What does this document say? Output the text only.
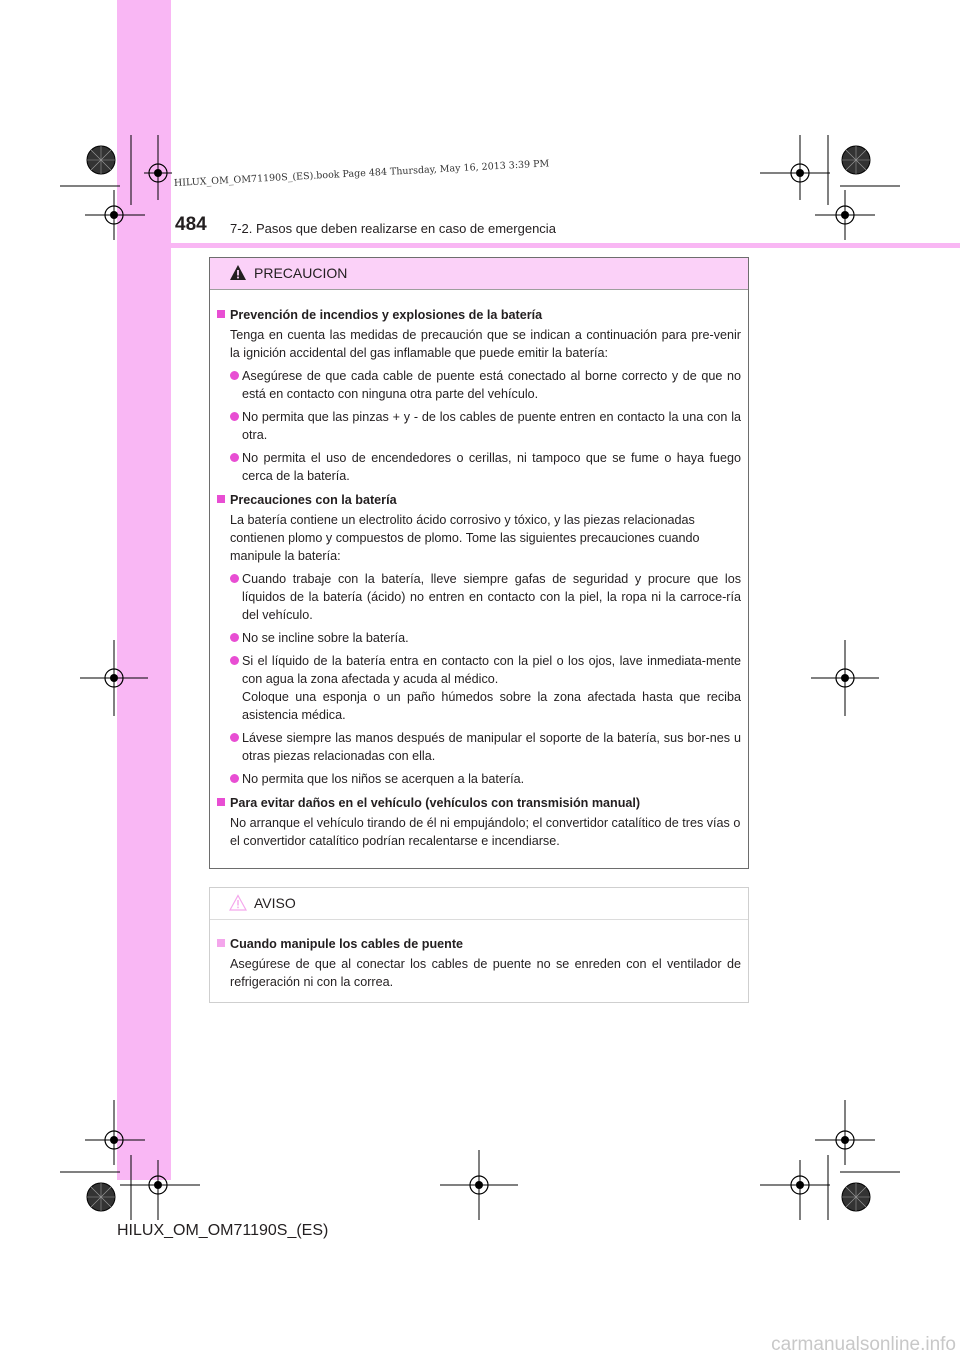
HILUX_OM_OM71190S_(ES).book Page 484 Thursday, May 16, 2013 3:39 PM
484 7-2. Pasos que deben realizarse en caso de emergencia
PRECAUCION
Prevención de incendios y explosiones de la batería
Tenga en cuenta las medidas de precaución que se indican a continuación para pre-venir la ignición accidental del gas inflamable que puede emitir la batería:
Asegúrese de que cada cable de puente está conectado al borne correcto y de que no está en contacto con ninguna otra parte del vehículo.
No permita que las pinzas + y - de los cables de puente entren en contacto la una con la otra.
No permita el uso de encendedores o cerillas, ni tampoco que se fume o haya fuego cerca de la batería.
Precauciones con la batería
La batería contiene un electrolito ácido corrosivo y tóxico, y las piezas relacionadas contienen plomo y compuestos de plomo. Tome las siguientes precauciones cuando manipule la batería:
Cuando trabaje con la batería, lleve siempre gafas de seguridad y procure que los líquidos de la batería (ácido) no entren en contacto con la piel, la ropa ni la carroce-ría del vehículo.
No se incline sobre la batería.
Si el líquido de la batería entra en contacto con la piel o los ojos, lave inmediata-mente con agua la zona afectada y acuda al médico.
Coloque una esponja o un paño húmedos sobre la zona afectada hasta que reciba asistencia médica.
Lávese siempre las manos después de manipular el soporte de la batería, sus bor-nes u otras piezas relacionadas con ella.
No permita que los niños se acerquen a la batería.
Para evitar daños en el vehículo (vehículos con transmisión manual)
No arranque el vehículo tirando de él ni empujándolo; el convertidor catalítico de tres vías o el convertidor catalítico podrían recalentarse e incendiarse.
AVISO
Cuando manipule los cables de puente
Asegúrese de que al conectar los cables de puente no se enreden con el ventilador de refrigeración ni con la correa.
HILUX_OM_OM71190S_(ES)
carmanualsonline.info
